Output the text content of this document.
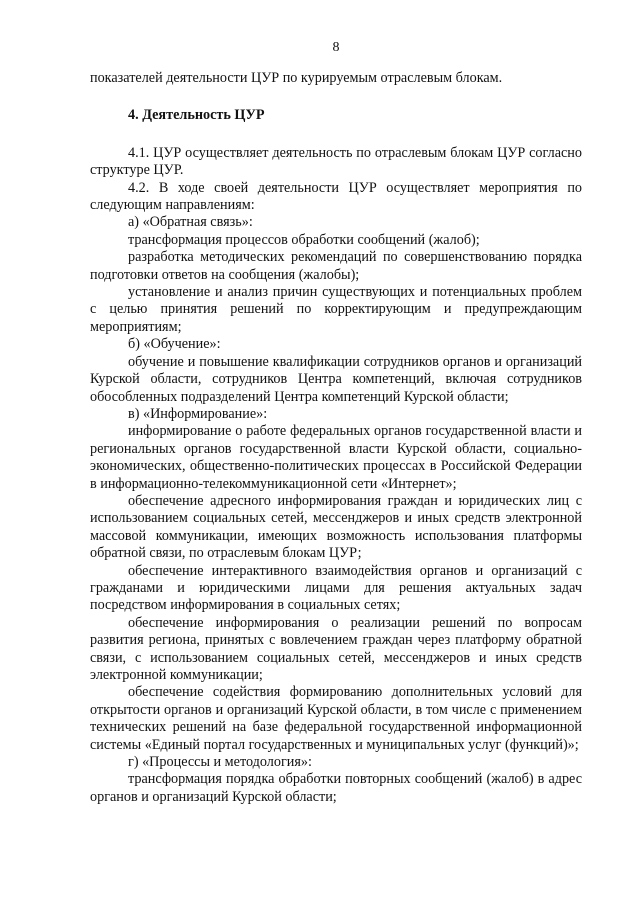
8

показателей деятельности ЦУР по курируемым отраслевым блокам.

4. Деятельность ЦУР

4.1. ЦУР осуществляет деятельность по отраслевым блокам ЦУР согласно структуре ЦУР.

4.2. В ходе своей деятельности ЦУР осуществляет мероприятия по следующим направлениям:

а) «Обратная связь»:

трансформация процессов обработки сообщений (жалоб);

разработка методических рекомендаций по совершенствованию порядка подготовки ответов на сообщения (жалобы);

установление и анализ причин существующих и потенциальных проблем с целью принятия решений по корректирующим и предупреждающим мероприятиям;

б) «Обучение»:

обучение и повышение квалификации сотрудников органов и организаций Курской области, сотрудников Центра компетенций, включая сотрудников обособленных подразделений Центра компетенций Курской области;

в) «Информирование»:

информирование о работе федеральных органов государственной власти и региональных органов государственной власти Курской области, социально-экономических, общественно-политических процессах в Российской Федерации в информационно-телекоммуникационной сети «Интернет»;

обеспечение адресного информирования граждан и юридических лиц с использованием социальных сетей, мессенджеров и иных средств электронной массовой коммуникации, имеющих возможность использования платформы обратной связи, по отраслевым блокам ЦУР;

обеспечение интерактивного взаимодействия органов и организаций с гражданами и юридическими лицами для решения актуальных задач посредством информирования в социальных сетях;

обеспечение информирования о реализации решений по вопросам развития региона, принятых с вовлечением граждан через платформу обратной связи, с использованием социальных сетей, мессенджеров и иных средств электронной коммуникации;

обеспечение содействия формированию дополнительных условий для открытости органов и организаций Курской области, в том числе с применением технических решений на базе федеральной государственной информационной системы «Единый портал государственных и муниципальных услуг (функций)»;

г) «Процессы и методология»:

трансформация порядка обработки повторных сообщений (жалоб) в адрес органов и организаций Курской области;
